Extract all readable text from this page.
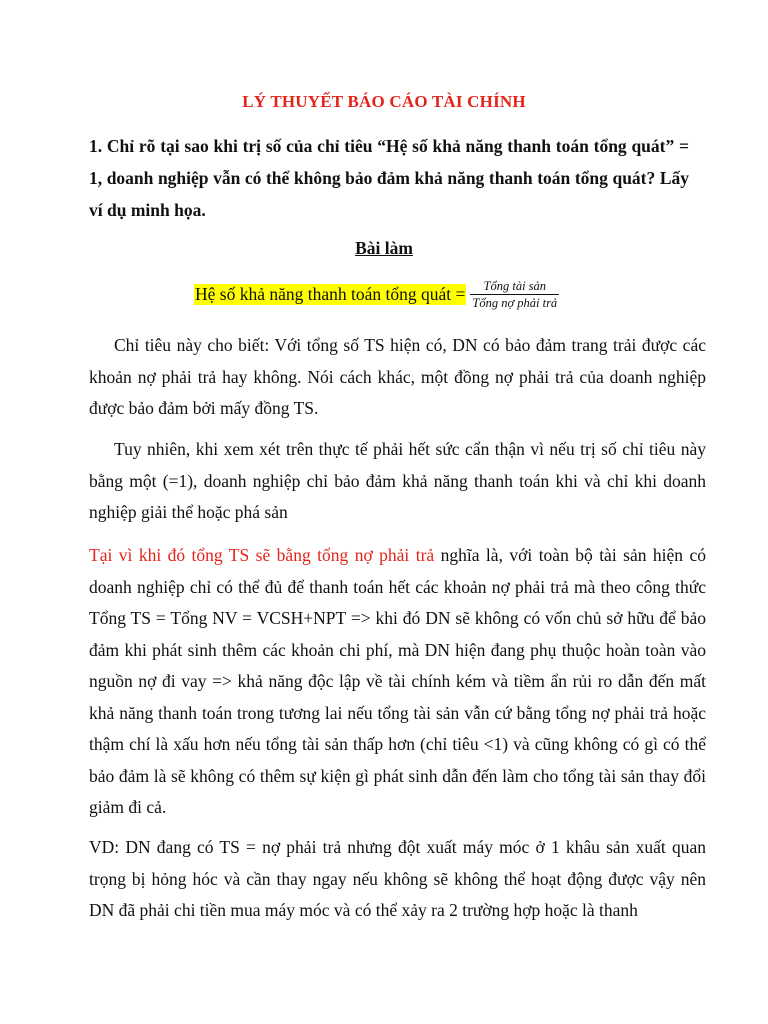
LÝ THUYẾT BÁO CÁO TÀI CHÍNH
1. Chỉ rõ tại sao khi trị số của chỉ tiêu “Hệ số khả năng thanh toán tổng quát” = 1, doanh nghiệp vẫn có thể không bảo đảm khả năng thanh toán tổng quát? Lấy ví dụ minh họa.
Bài làm
Hệ số khả năng thanh toán tổng quát = $\frac{\text{Tổng tài sản}}{\text{Tổng nợ phải trả}}$

Chỉ tiêu này cho biết: Với tổng số TS hiện có, DN có bảo đảm trang trải được các khoản nợ phải trả hay không. Nói cách khác, một đồng nợ phải trả của doanh nghiệp được bảo đảm bởi mấy đồng TS.

Tuy nhiên, khi xem xét trên thực tế phải hết sức cẩn thận vì nếu trị số chỉ tiêu này bằng một (=1), doanh nghiệp chỉ bảo đảm khả năng thanh toán khi và chỉ khi doanh nghiệp giải thể hoặc phá sản

Tại vì khi đó tổng TS sẽ bằng tổng nợ phải trả nghĩa là, với toàn bộ tài sản hiện có doanh nghiệp chỉ có thể đủ để thanh toán hết các khoản nợ phải trả mà theo công thức Tổng TS = Tổng NV = VCSH+NPT => khi đó DN sẽ không có vốn chủ sở hữu để bảo đảm khi phát sinh thêm các khoản chi phí, mà DN hiện đang phụ thuộc hoàn toàn vào nguồn nợ đi vay => khả năng độc lập về tài chính kém và tiềm ẩn rủi ro dẫn đến mất khả năng thanh toán trong tương lai nếu tổng tài sản vẫn cứ bằng tổng nợ phải trả hoặc thậm chí là xấu hơn nếu tổng tài sản thấp hơn (chỉ tiêu <1) và cũng không có gì có thể bảo đảm là sẽ không có thêm sự kiện gì phát sinh dẫn đến làm cho tổng tài sản thay đổi giảm đi cả.

VD: DN đang có TS = nợ phải trả nhưng đột xuất máy móc ở 1 khâu sản xuất quan trọng bị hỏng hóc và cần thay ngay nếu không sẽ không thể hoạt động được vậy nên DN đã phải chi tiền mua máy móc và có thể xảy ra 2 trường hợp hoặc là thanh
